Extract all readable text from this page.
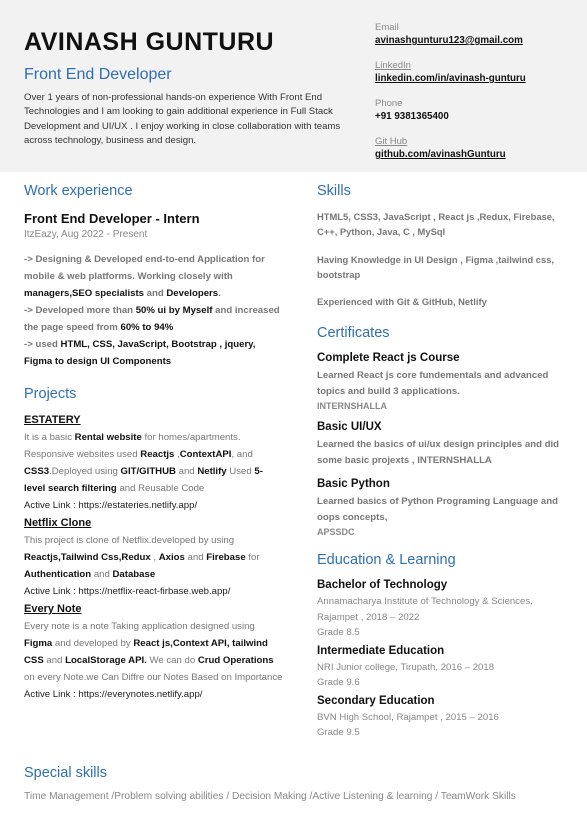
AVINASH GUNTURU
Front End Developer
Over 1 years of non-professional hands-on experience With Front End Technologies and I am looking to gain additional experience in Full Stack Development and UI/UX . I enjoy working in close collaboration with teams across technology, business and design.
Email
avinashgunturu123@gmail.com
LinkedIn
linkedin.com/in/avinash-gunturu
Phone
+91 9381365400
Git Hub
github.com/avinashGunturu
Work experience
Front End Developer - Intern
ItzEazy, Aug 2022 - Present
-> Designing & Developed end-to-end Application for mobile & web platforms. Working closely with managers,SEO specialists and Developers.
-> Developed more than 50% ui by Myself and increased the page speed from 60% to 94%
-> used HTML, CSS, JavaScript, Bootstrap , jquery, Figma to design UI Components
Projects
ESTATERY
It is a basic Rental website for homes/apartments. Responsive websites used Reactjs ,ContextAPI, and CSS3.Deployed using GIT/GITHUB and Netlify Used 5-level search filtering and Reusable Code
Active Link : https://estateries.netlify.app/
Netflix Clone
This project is clone of Netflix.developed by using Reactjs,Tailwind Css,Redux , Axios and Firebase for Authentication and Database
Active Link : https://netflix-react-firbase.web.app/
Every Note
Every note is a note Taking application designed using Figma and developed by React js,Context API, tailwind CSS and LocalStorage API. We can do Crud Operations on every Note.we Can Diffre our Notes Based on Importance
Active Link : https://everynotes.netlify.app/
Skills
HTML5, CSS3, JavaScript , React js ,Redux, Firebase, C++, Python, Java, C , MySql
Having Knowledge in UI Design , Figma ,tailwind css, bootstrap
Experienced with Git & GitHub, Netlify
Certificates
Complete React js Course
Learned React js core fundementals and advanced topics and build 3 applications.
INTERNSHALLA
Basic UI/UX
Learned the basics of ui/ux design principles and did some basic projexts , INTERNSHALLA
Basic Python
Learned basics of Python Programing Language and oops concepts,
APSSDC
Education & Learning
Bachelor of Technology
Annamacharya Institute of Technology & Sciences, Rajampet , 2018 – 2022
Grade 8.5
Intermediate Education
NRI Junior college, Tirupath, 2016 – 2018
Grade 9.6
Secondary Education
BVN High School, Rajampet , 2015 – 2016
Grade 9.5
Special skills
Time Management /Problem solving abilities / Decision Making /Active Listening & learning / TeamWork Skills
